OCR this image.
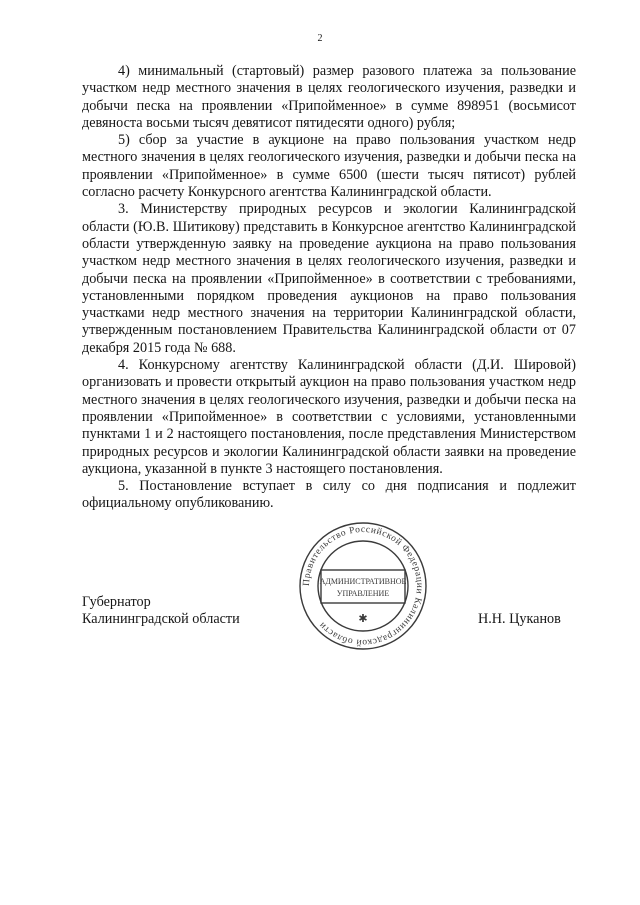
2

4) минимальный (стартовый) размер разового платежа за пользование участком недр местного значения в целях геологического изучения, разведки и добычи песка на проявлении «Припойменное» в сумме 898951 (восьмисот девяноста восьми тысяч девятисот пятидесяти одного) рубля;

5) сбор за участие в аукционе на право пользования участком недр местного значения в целях геологического изучения, разведки и добычи песка на проявлении «Припойменное» в сумме 6500 (шести тысяч пятисот) рублей согласно расчету Конкурсного агентства Калининградской области.

3. Министерству природных ресурсов и экологии Калининградской области (Ю.В. Шитикову) представить в Конкурсное агентство Калининградской области утвержденную заявку на проведение аукциона на право пользования участком недр местного значения в целях геологического изучения, разведки и добычи песка на проявлении «Припойменное» в соответствии с требованиями, установленными порядком проведения аукционов на право пользования участками недр местного значения на территории Калининградской области, утвержденным постановлением Правительства Калининградской области от 07 декабря 2015 года № 688.

4. Конкурсному агентству Калининградской области (Д.И. Шировой) организовать и провести открытый аукцион на право пользования участком недр местного значения в целях геологического изучения, разведки и добычи песка на проявлении «Припойменное» в соответствии с условиями, установленными пунктами 1 и 2 настоящего постановления, после представления Министерством природных ресурсов и экологии Калининградской области заявки на проведение аукциона, указанной в пункте 3 настоящего постановления.

5. Постановление вступает в силу со дня подписания и подлежит официальному опубликованию.

Губернатор
Калининградской области	Н.Н. Цуканов
Правительство Российской Федерации Калининградской области
АДМИНИСТРАТИВНОЕ
УПРАВЛЕНИЕ
✱
